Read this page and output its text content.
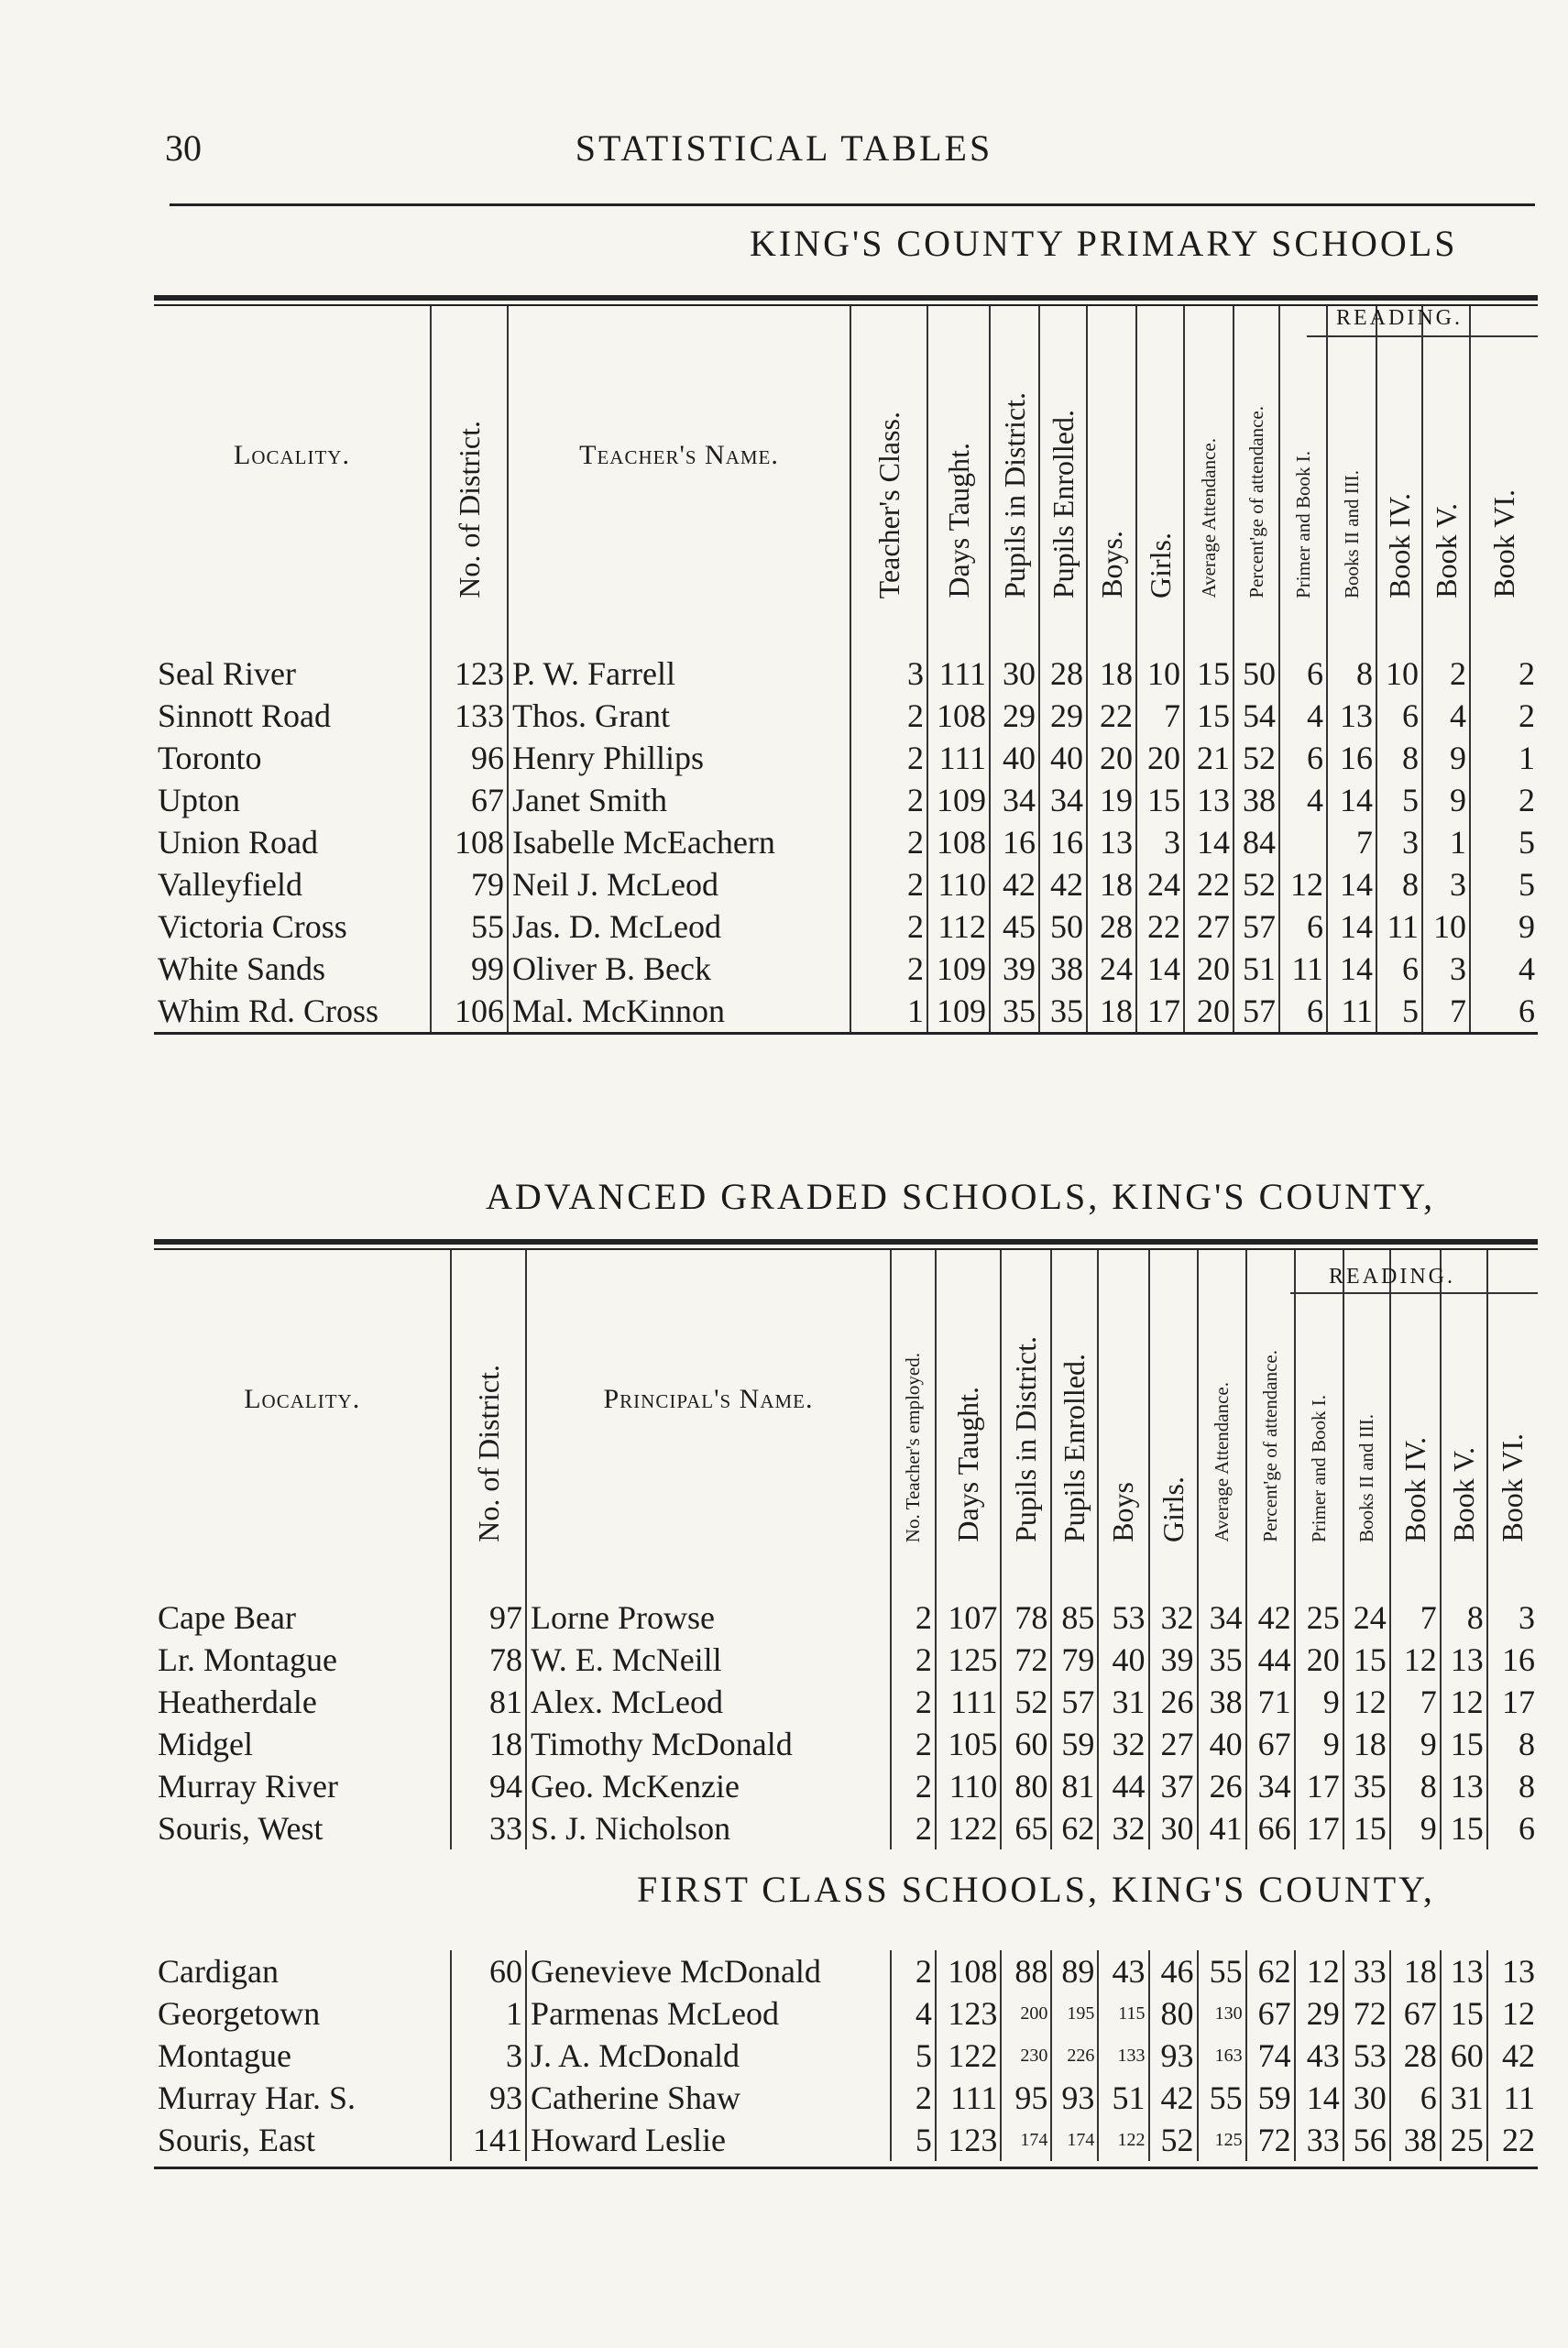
30	STATISTICAL TABLES
KING'S COUNTY PRIMARY SCHOOLS
Locality.	No. of District.	Teacher's Name.	Teacher's Class.	Days Taught.	Pupils in District.	Pupils Enrolled.	Boys.	Girls.	Average Attendance.	Percent'ge of attendance.	Primer and Book I.	Books II and III.	Book IV.	Book V.	Book VI.

Seal River	123	P. W. Farrell	3	111	30	28	18	10	15	50	6	8	10	2	2
Sinnott Road	133	Thos. Grant	2	108	29	29	22	7	15	54	4	13	6	4	2
Toronto	96	Henry Phillips	2	111	40	40	20	20	21	52	6	16	8	9	1
Upton	67	Janet Smith	2	109	34	34	19	15	13	38	4	14	5	9	2
Union Road	108	Isabelle McEachern	2	108	16	16	13	3	14	84		7	3	1	5
Valleyfield	79	Neil J. McLeod	2	110	42	42	18	24	22	52	12	14	8	3	5
Victoria Cross	55	Jas. D. McLeod	2	112	45	50	28	22	27	57	6	14	11	10	9
White Sands	99	Oliver B. Beck	2	109	39	38	24	14	20	51	11	14	6	3	4
Whim Rd. Cross	106	Mal. McKinnon	1	109	35	35	18	17	20	57	6	11	5	7	6
READING.
ADVANCED GRADED SCHOOLS, KING'S COUNTY,
Locality.	No. of District.	Principal's Name.	No. Teacher's employed.	Days Taught.	Pupils in District.	Pupils Enrolled.	Boys	Girls.	Average Attendance.	Percent'ge of attendance.	Primer and Book I.	Books II and III.	Book IV.	Book V.	Book VI.

Cape Bear	97	Lorne Prowse	2	107	78	85	53	32	34	42	25	24	7	8	3
Lr. Montague	78	W. E. McNeill	2	125	72	79	40	39	35	44	20	15	12	13	16
Heatherdale	81	Alex. McLeod	2	111	52	57	31	26	38	71	9	12	7	12	17
Midgel	18	Timothy McDonald	2	105	60	59	32	27	40	67	9	18	9	15	8
Murray River	94	Geo. McKenzie	2	110	80	81	44	37	26	34	17	35	8	13	8
Souris, West	33	S. J. Nicholson	2	122	65	62	32	30	41	66	17	15	9	15	6
READING.
FIRST CLASS SCHOOLS, KING'S COUNTY,
Cardigan	60	Genevieve McDonald	2	108	88	89	43	46	55	62	12	33	18	13	13
Georgetown	1	Parmenas McLeod	4	123	200	195	115	80	130	67	29	72	67	15	12
Montague	3	J. A. McDonald	5	122	230	226	133	93	163	74	43	53	28	60	42
Murray Har. S.	93	Catherine Shaw	2	111	95	93	51	42	55	59	14	30	6	31	11
Souris, East	141	Howard Leslie	5	123	174	174	122	52	125	72	33	56	38	25	22
